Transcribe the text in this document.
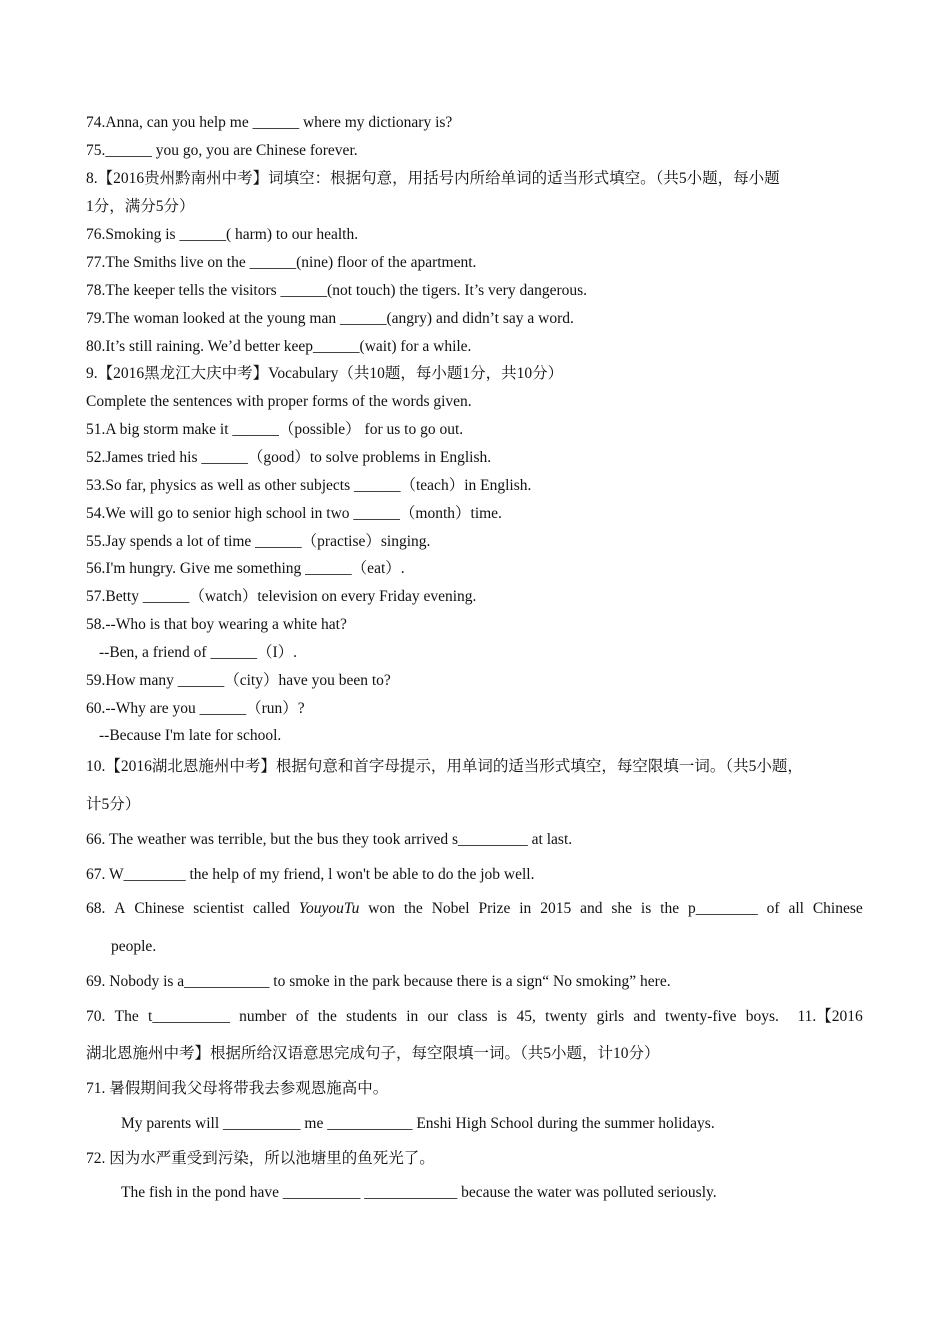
74.Anna, can you help me ______ where my dictionary is?
75.______ you go, you are Chinese forever.
8.【2016贵州黔南州中考】词填空：根据句意，用括号内所给单词的适当形式填空。（共5小题，每小题
1分，满分5分）
76.Smoking is ______( harm) to our health.
77.The Smiths live on the ______(nine) floor of the apartment.
78.The keeper tells the visitors ______(not touch) the tigers. It’s very dangerous.
79.The woman looked at the young man ______(angry) and didn’t say a word.
80.It’s still raining. We’d better keep______(wait) for a while.
9.【2016黑龙江大庆中考】Vocabulary（共10题，每小题1分，共10分）
Complete the sentences with proper forms of the words given.
51.A big storm make it ______（possible） for us to go out.
52.James tried his ______（good）to solve problems in English.
53.So far, physics as well as other subjects ______（teach）in English.
54.We will go to senior high school in two ______（month）time.
55.Jay spends a lot of time ______（practise）singing.
56.I'm hungry. Give me something ______（eat）.
57.Betty ______（watch）television on every Friday evening.
58.--Who is that boy wearing a white hat?
--Ben, a friend of ______（I）.
59.How many ______（city）have you been to?
60.--Why are you ______（run）?
--Because I'm late for school.
10.【2016湖北恩施州中考】根据句意和首字母提示，用单词的适当形式填空，每空限填一词。（共5小题，
计5分）
66. The weather was terrible, but the bus they took arrived s_________ at last.
67. W________ the help of my friend, l won't be able to do the job well.
68. A Chinese scientist called YouyouTu won the Nobel Prize in 2015 and she is the p________ of all Chinese
people.
69. Nobody is a___________ to smoke in the park because there is a sign“ No smoking” here.
70. The t__________ number of the students in our class is 45, twenty girls and twenty-five boys. 11.【2016
湖北恩施州中考】根据所给汉语意思完成句子，每空限填一词。（共5小题，计10分）
71. 暑假期间我父母将带我去参观恩施高中。
My parents will __________ me ___________ Enshi High School during the summer holidays.
72. 因为水严重受到污染，所以池塘里的鱼死光了。
The fish in the pond have __________ ____________ because the water was polluted seriously.
